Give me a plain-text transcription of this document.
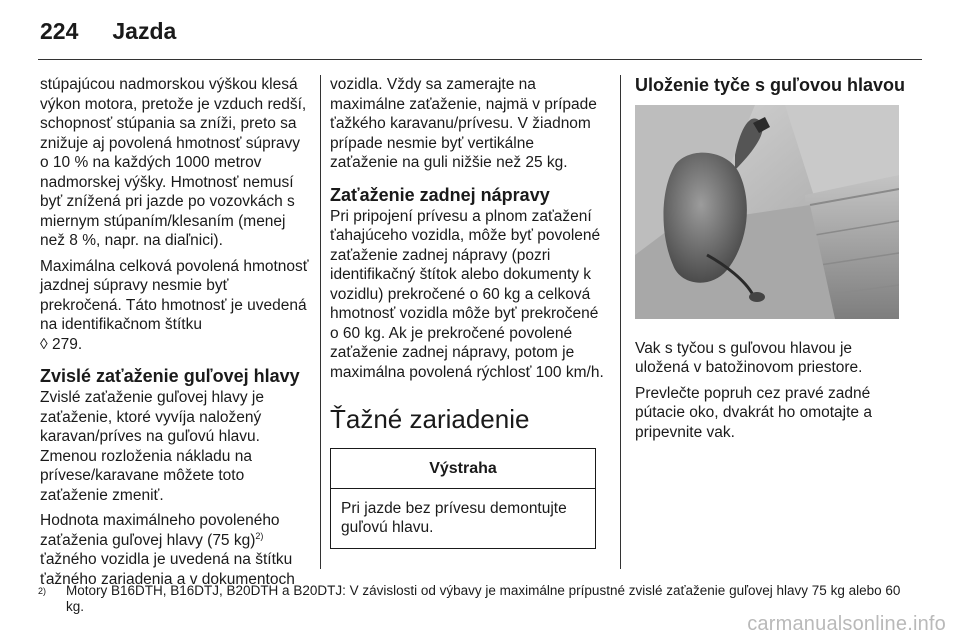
224 Jazda

stúpajúcou nadmorskou výškou klesá výkon motora, pretože je vzduch redší, schopnosť stúpania sa zníži, preto sa znižuje aj povolená hmotnosť súpravy o 10 % na každých 1000 metrov nadmorskej výšky. Hmotnosť nemusí byť znížená pri jazde po vozovkách s miernym stúpaním/klesaním (menej než 8 %, napr. na diaľnici).

Maximálna celková povolená hmotnosť jazdnej súpravy nesmie byť prekročená. Táto hmotnosť je uvedená na identifikačnom štítku
◊ 279.

Zvislé zaťaženie guľovej hlavy

Zvislé zaťaženie guľovej hlavy je zaťaženie, ktoré vyvíja naložený karavan/príves na guľovú hlavu. Zmenou rozloženia nákladu na prívese/karavane môžete toto zaťaženie zmeniť.

Hodnota maximálneho povoleného zaťaženia guľovej hlavy (75 kg)$^{2)}$ ťažného vozidla je uvedená na štítku ťažného zariadenia a v dokumentoch

vozidla. Vždy sa zamerajte na maximálne zaťaženie, najmä v prípade ťažkého karavanu/prívesu. V žiadnom prípade nesmie byť vertikálne zaťaženie na guli nižšie než 25 kg.

Zaťaženie zadnej nápravy

Pri pripojení prívesu a plnom zaťažení ťahajúceho vozidla, môže byť povolené zaťaženie zadnej nápravy (pozri identifikačný štítok alebo dokumenty k vozidlu) prekročené o 60 kg a celková hmotnosť vozidla môže byť prekročené o 60 kg. Ak je prekročené povolené zaťaženie zadnej nápravy, potom je maximálna povolená rýchlosť 100 km/h.

Ťažné zariadenie
Výstraha
Pri jazde bez prívesu demontujte guľovú hlavu.
Uloženie tyče s guľovou hlavou

Vak s tyčou s guľovou hlavou je uložená v batožinovom priestore.

Prevlečte popruh cez pravé zadné pútacie oko, dvakrát ho omotajte a pripevnite vak.

2)	Motory B16DTH, B16DTJ, B20DTH a B20DTJ: V závislosti od výbavy je maximálne prípustné zvislé zaťaženie guľovej hlavy 75 kg alebo 60 kg.
carmanualsonline.info
